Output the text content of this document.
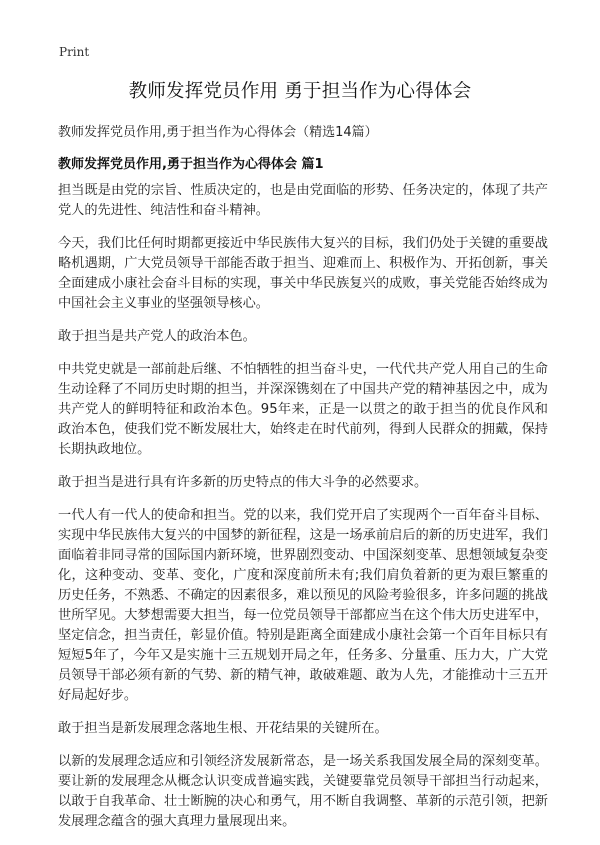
Print
教师发挥党员作用 勇于担当作为心得体会
教师发挥党员作用,勇于担当作为心得体会（精选14篇）
教师发挥党员作用,勇于担当作为心得体会 篇1

担当既是由党的宗旨、性质决定的，也是由党面临的形势、任务决定的，体现了共产党人的先进性、纯洁性和奋斗精神。

今天，我们比任何时期都更接近中华民族伟大复兴的目标，我们仍处于关键的重要战略机遇期，广大党员领导干部能否敢于担当、迎难而上、积极作为、开拓创新，事关全面建成小康社会奋斗目标的实现，事关中华民族复兴的成败，事关党能否始终成为中国社会主义事业的坚强领导核心。

敢于担当是共产党人的政治本色。

中共党史就是一部前赴后继、不怕牺牲的担当奋斗史，一代代共产党人用自己的生命生动诠释了不同历史时期的担当，并深深镌刻在了中国共产党的精神基因之中，成为共产党人的鲜明特征和政治本色。95年来，正是一以贯之的敢于担当的优良作风和政治本色，使我们党不断发展壮大，始终走在时代前列，得到人民群众的拥戴，保持长期执政地位。

敢于担当是进行具有许多新的历史特点的伟大斗争的必然要求。

一代人有一代人的使命和担当。党的以来，我们党开启了实现两个一百年奋斗目标、实现中华民族伟大复兴的中国梦的新征程，这是一场承前启后的新的历史进军，我们面临着非同寻常的国际国内新环境，世界剧烈变动、中国深刻变革、思想领域复杂变化，这种变动、变革、变化，广度和深度前所未有;我们肩负着新的更为艰巨繁重的历史任务，不熟悉、不确定的因素很多，难以预见的风险考验很多，许多问题的挑战世所罕见。大梦想需要大担当，每一位党员领导干部都应当在这个伟大历史进军中，坚定信念，担当责任，彰显价值。特别是距离全面建成小康社会第一个百年目标只有短短5年了，今年又是实施十三五规划开局之年，任务多、分量重、压力大，广大党员领导干部必须有新的气势、新的精气神，敢破难题、敢为人先，才能推动十三五开好局起好步。

敢于担当是新发展理念落地生根、开花结果的关键所在。

以新的发展理念适应和引领经济发展新常态，是一场关系我国发展全局的深刻变革。要让新的发展理念从概念认识变成普遍实践，关键要靠党员领导干部担当行动起来，以敢于自我革命、壮士断腕的决心和勇气，用不断自我调整、革新的示范引领，把新发展理念蕴含的强大真理力量展现出来。
